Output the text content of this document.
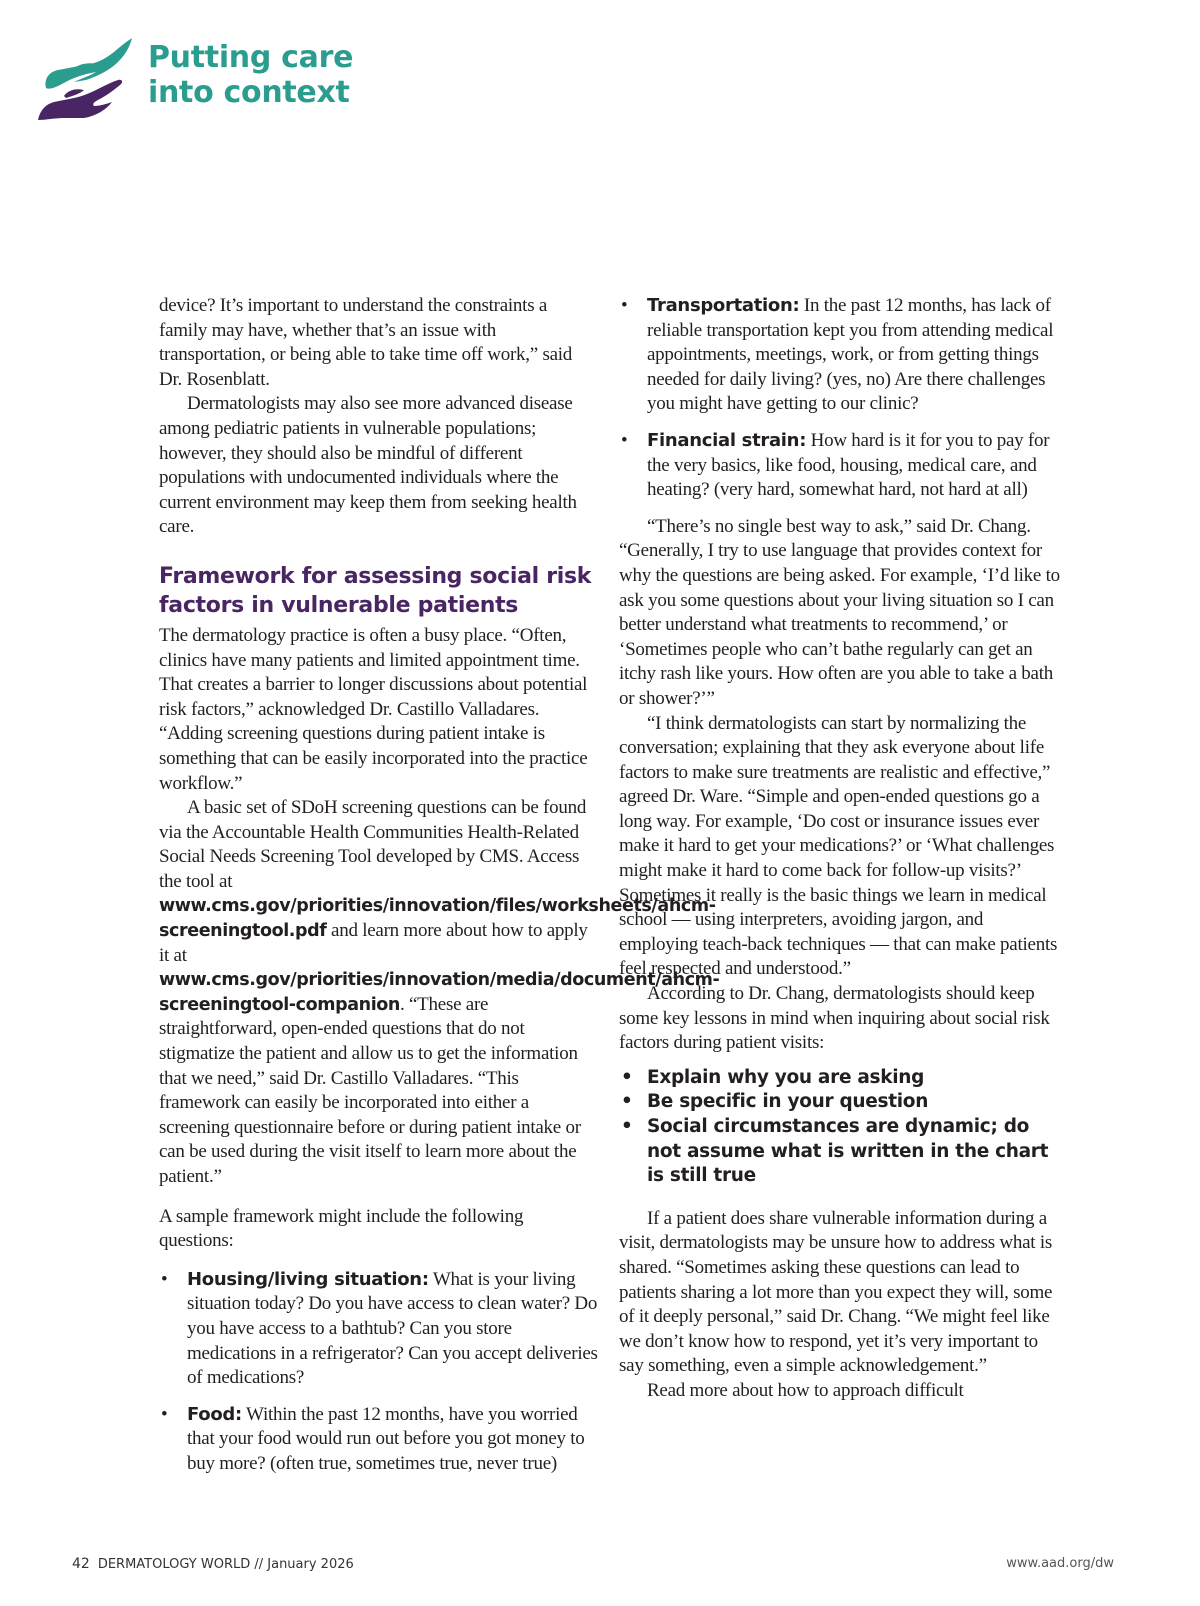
Putting care
into context

device? It’s important to understand the constraints a family may have, whether that’s an issue with transportation, or being able to take time off work,” said Dr. Rosenblatt.

Dermatologists may also see more advanced disease among pediatric patients in vulnerable populations; however, they should also be mindful of different populations with undocumented individuals where the current environment may keep them from seeking health care.

Framework for assessing social risk factors in vulnerable patients

The dermatology practice is often a busy place. “Often, clinics have many patients and limited appointment time. That creates a barrier to longer discussions about potential risk factors,” acknowledged Dr. Castillo Valladares. “Adding screening questions during patient intake is something that can be easily incorporated into the practice workflow.”

A basic set of SDoH screening questions can be found via the Accountable Health Communities Health-Related Social Needs Screening Tool developed by CMS. Access the tool at www.cms.gov/priorities/innovation/files/worksheets/ahcm-screeningtool.pdf and learn more about how to apply it at www.cms.gov/priorities/innovation/media/document/ahcm-screeningtool-companion. “These are straightforward, open-ended questions that do not stigmatize the patient and allow us to get the information that we need,” said Dr. Castillo Valladares. “This framework can easily be incorporated into either a screening questionnaire before or during patient intake or can be used during the visit itself to learn more about the patient.”

A sample framework might include the following questions:

• Housing/living situation: What is your living situation today? Do you have access to clean water? Do you have access to a bathtub? Can you store medications in a refrigerator? Can you accept deliveries of medications?
• Food: Within the past 12 months, have you worried that your food would run out before you got money to buy more? (often true, sometimes true, never true)
• Transportation: In the past 12 months, has lack of reliable transportation kept you from attending medical appointments, meetings, work, or from getting things needed for daily living? (yes, no) Are there challenges you might have getting to our clinic?
• Financial strain: How hard is it for you to pay for the very basics, like food, housing, medical care, and heating? (very hard, somewhat hard, not hard at all)

“There’s no single best way to ask,” said Dr. Chang. “Generally, I try to use language that provides context for why the questions are being asked. For example, ‘I’d like to ask you some questions about your living situation so I can better understand what treatments to recommend,’ or ‘Sometimes people who can’t bathe regularly can get an itchy rash like yours. How often are you able to take a bath or shower?’”

“I think dermatologists can start by normalizing the conversation; explaining that they ask everyone about life factors to make sure treatments are realistic and effective,” agreed Dr. Ware. “Simple and open-ended questions go a long way. For example, ‘Do cost or insurance issues ever make it hard to get your medications?’ or ‘What challenges might make it hard to come back for follow-up visits?’ Sometimes it really is the basic things we learn in medical school — using interpreters, avoiding jargon, and employing teach-back techniques — that can make patients feel respected and understood.”

According to Dr. Chang, dermatologists should keep some key lessons in mind when inquiring about social risk factors during patient visits:

• Explain why you are asking
• Be specific in your question
• Social circumstances are dynamic; do not assume what is written in the chart is still true

If a patient does share vulnerable information during a visit, dermatologists may be unsure how to address what is shared. “Sometimes asking these questions can lead to patients sharing a lot more than you expect they will, some of it deeply personal,” said Dr. Chang. “We might feel like we don’t know how to respond, yet it’s very important to say something, even a simple acknowledgement.”

Read more about how to approach difficult

42 DERMATOLOGY WORLD // January 2026	www.aad.org/dw
